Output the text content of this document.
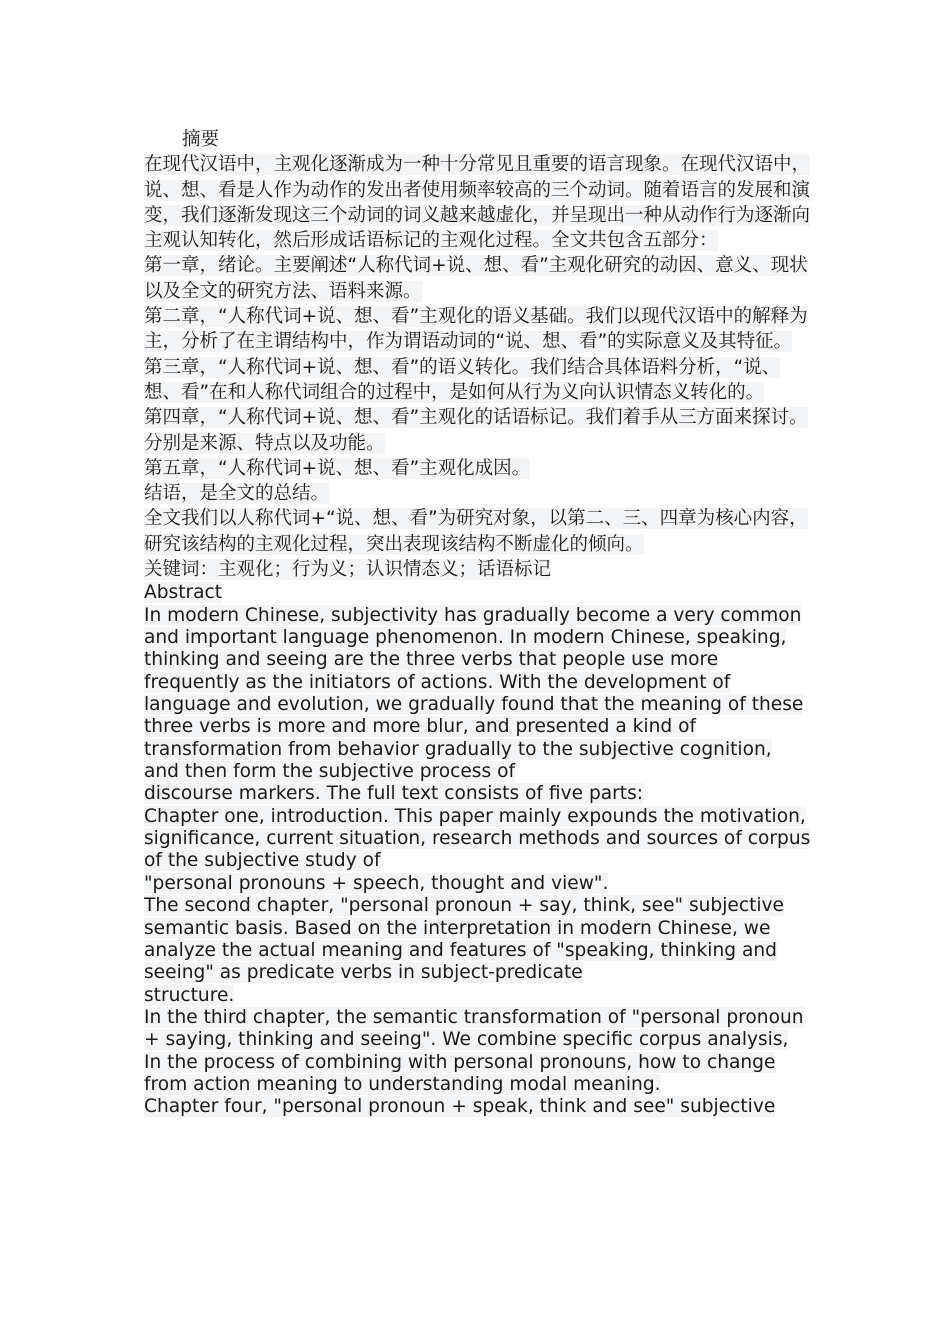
摘要

在现代汉语中，主观化逐渐成为一种十分常见且重要的语言现象。在现代汉语中，说、想、看是人作为动作的发出者使用频率较高的三个动词。随着语言的发展和演变，我们逐渐发现这三个动词的词义越来越虚化，并呈现出一种从动作行为逐渐向主观认知转化，然后形成话语标记的主观化过程。全文共包含五部分：

第一章，绪论。主要阐述“人称代词+说、想、看”主观化研究的动因、意义、现状以及全文的研究方法、语料来源。

第二章，“人称代词+说、想、看”主观化的语义基础。我们以现代汉语中的解释为主，分析了在主谓结构中，作为谓语动词的“说、想、看”的实际意义及其特征。

第三章，“人称代词+说、想、看”的语义转化。我们结合具体语料分析，“说、想、看”在和人称代词组合的过程中，是如何从行为义向认识情态义转化的。

第四章，“人称代词+说、想、看”主观化的话语标记。我们着手从三方面来探讨。分别是来源、特点以及功能。

第五章，“人称代词+说、想、看”主观化成因。

结语，是全文的总结。

全文我们以人称代词+“说、想、看”为研究对象，以第二、三、四章为核心内容，研究该结构的主观化过程，突出表现该结构不断虚化的倾向。

关键词：主观化；行为义；认识情态义；话语标记

Abstract

In modern Chinese, subjectivity has gradually become a very common and important language phenomenon. In modern Chinese, speaking, thinking and seeing are the three verbs that people use more frequently as the initiators of actions. With the development of language and evolution, we gradually found that the meaning of these three verbs is more and more blur, and presented a kind of transformation from behavior gradually to the subjective cognition, and then form the subjective process of

discourse markers. The full text consists of five parts:

Chapter one, introduction. This paper mainly expounds the motivation, significance, current situation, research methods and sources of corpus of the subjective study of

"personal pronouns + speech, thought and view".

The second chapter, "personal pronoun + say, think, see" subjective semantic basis. Based on the interpretation in modern Chinese, we analyze the actual meaning and features of "speaking, thinking and seeing" as predicate verbs in subject-predicate

structure.

In the third chapter, the semantic transformation of "personal pronoun + saying, thinking and seeing". We combine specific corpus analysis,

In the process of combining with personal pronouns, how to change from action meaning to understanding modal meaning.

Chapter four, "personal pronoun + speak, think and see" subjective
